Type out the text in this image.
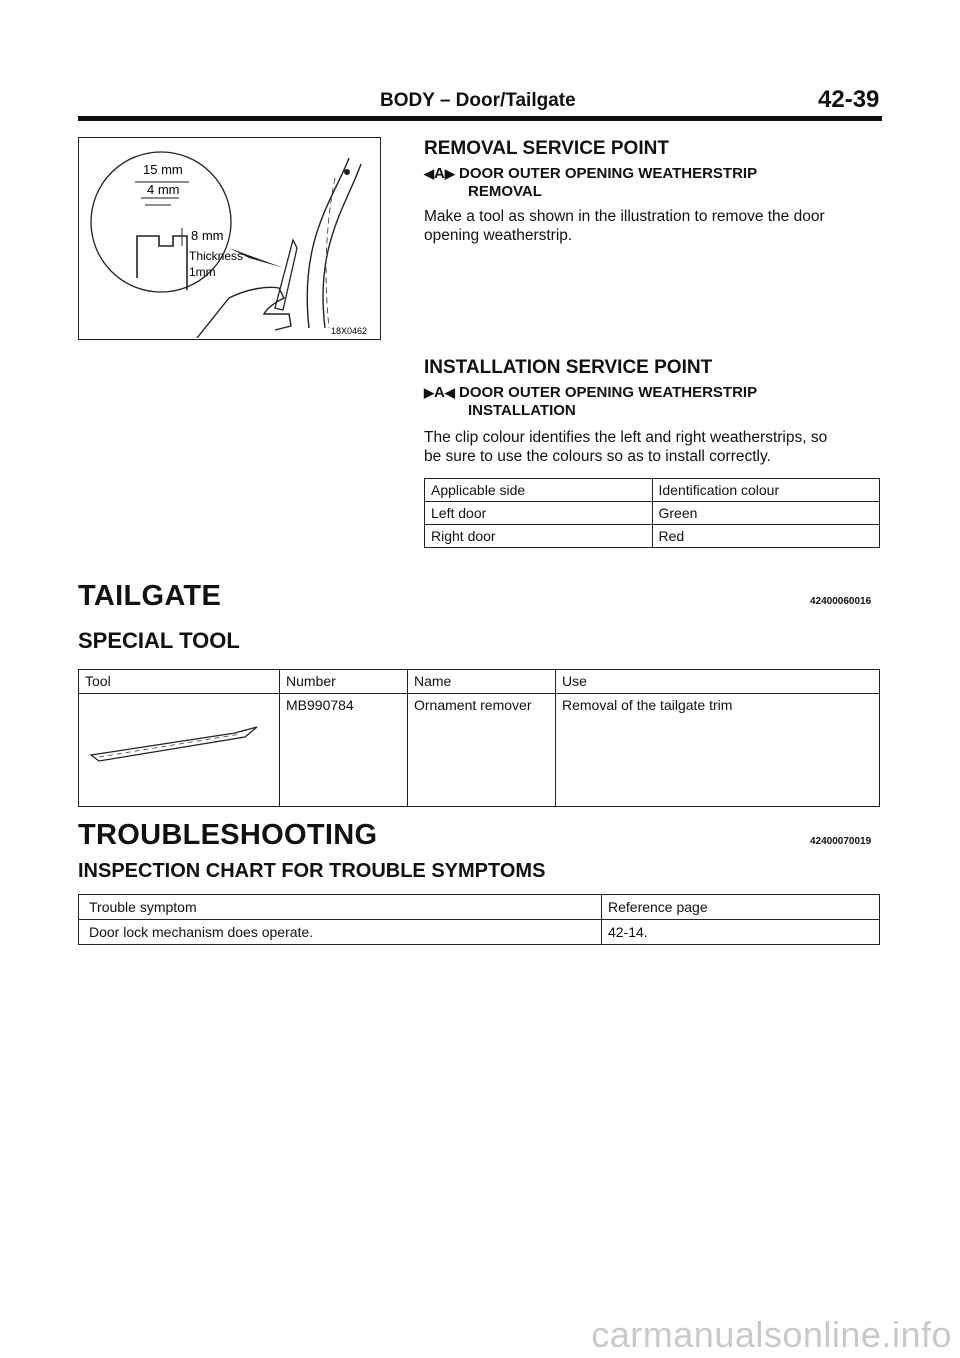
BODY – Door/Tailgate	42-39
15 mm
4 mm
8 mm
Thickness
1mm
18X0462
REMOVAL SERVICE POINT
◀A▶ DOOR OUTER OPENING WEATHERSTRIP
REMOVAL
Make a tool as shown in the illustration to remove the door
opening weatherstrip.
INSTALLATION SERVICE POINT
▶A◀ DOOR OUTER OPENING WEATHERSTRIP
INSTALLATION
The clip colour identifies the left and right weatherstrips, so
be sure to use the colours so as to install correctly.
Applicable side	Identification colour
Left door	Green
Right door	Red
TAILGATE	42400060016
SPECIAL TOOL
Tool	Number	Name	Use
	MB990784	Ornament remover	Removal of the tailgate trim
TROUBLESHOOTING	42400070019
INSPECTION CHART FOR TROUBLE SYMPTOMS
Trouble symptom	Reference page
Door lock mechanism does operate.	42-14.
carmanualsonline.info
